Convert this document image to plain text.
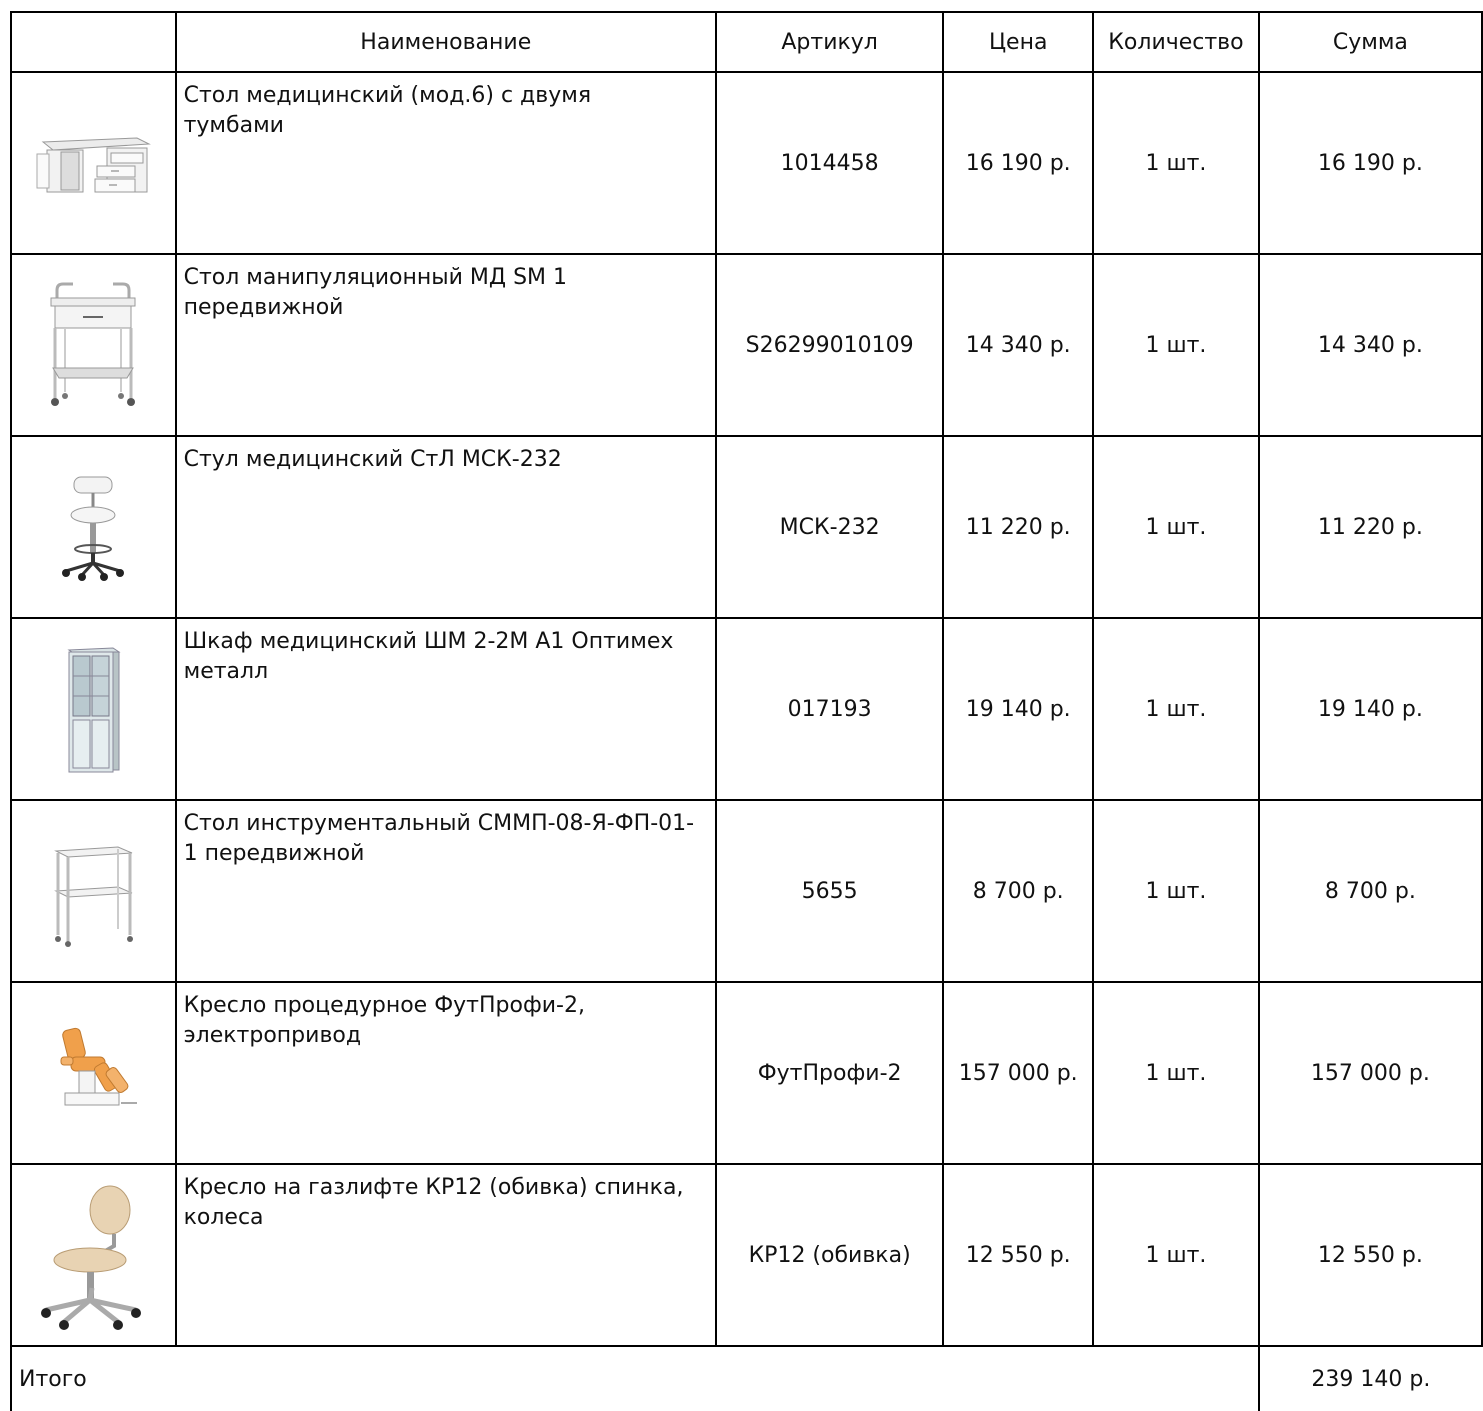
	Наименование	Артикул	Цена	Количество	Сумма

	Стол медицинский (мод.6) с двумя тумбами	1014458	16 190 р.	1 шт.	16 190 р.

	Стол манипуляционный МД SM 1 передвижной	S26299010109	14 340 р.	1 шт.	14 340 р.

	Стул медицинский СтЛ МСК-232	МСК-232	11 220 р.	1 шт.	11 220 р.

	Шкаф медицинский ШМ 2-2М А1 Оптимех металл	017193	19 140 р.	1 шт.	19 140 р.

	Стол инструментальный СММП-08-Я-ФП-01-1 передвижной	5655	8 700 р.	1 шт.	8 700 р.

	Кресло процедурное ФутПрофи-2, электропривод	ФутПрофи-2	157 000 р.	1 шт.	157 000 р.

	Кресло на газлифте КР12 (обивка) спинка, колеса	КР12 (обивка)	12 550 р.	1 шт.	12 550 р.
Итого					239 140 р.
